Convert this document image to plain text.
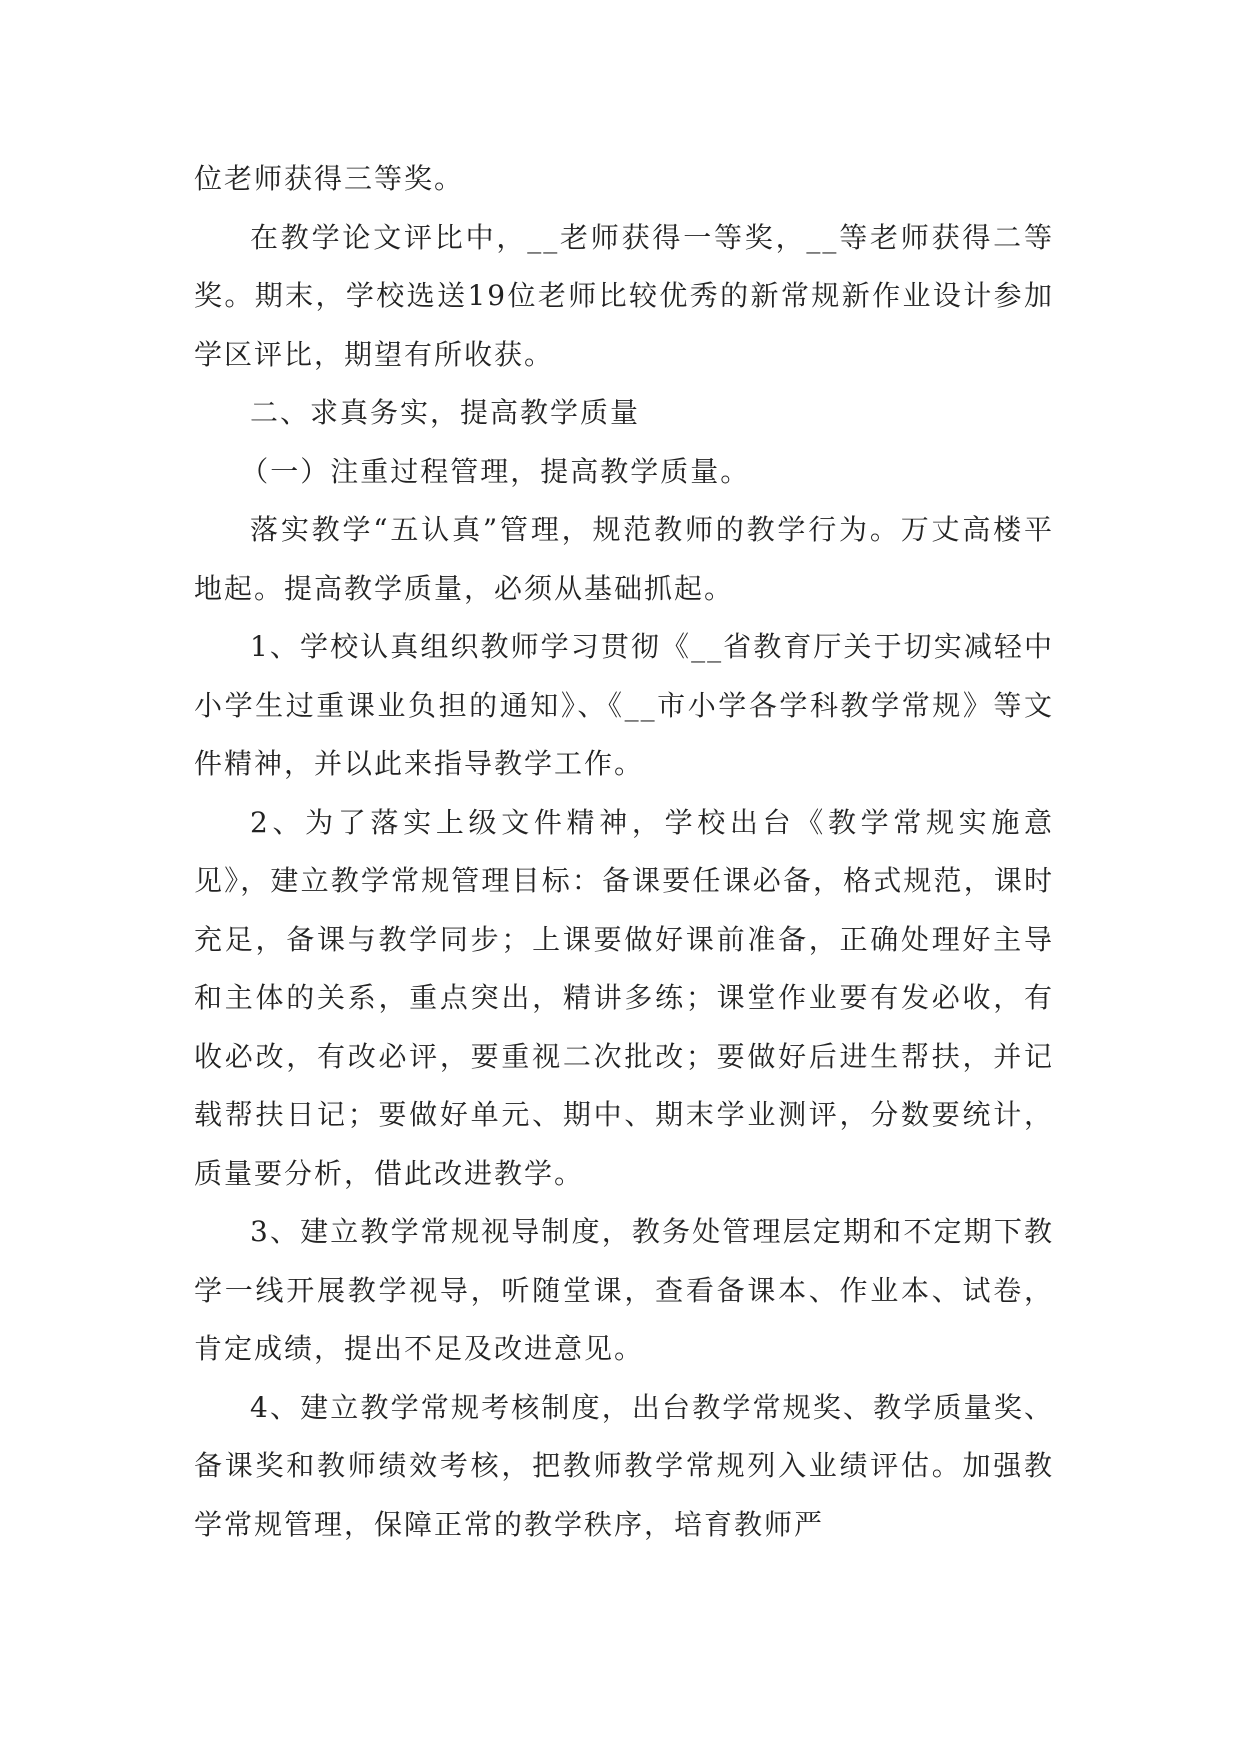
位老师获得三等奖。

在教学论文评比中，__老师获得一等奖，__等老师获得二等奖。期末，学校选送19位老师比较优秀的新常规新作业设计参加学区评比，期望有所收获。

二、求真务实，提高教学质量

（一）注重过程管理，提高教学质量。

落实教学“五认真”管理，规范教师的教学行为。万丈高楼平地起。提高教学质量，必须从基础抓起。

1、学校认真组织教师学习贯彻《__省教育厅关于切实减轻中小学生过重课业负担的通知》、《__市小学各学科教学常规》等文件精神，并以此来指导教学工作。

2、为了落实上级文件精神，学校出台《教学常规实施意见》，建立教学常规管理目标：备课要任课必备，格式规范，课时充足，备课与教学同步；上课要做好课前准备，正确处理好主导和主体的关系，重点突出，精讲多练；课堂作业要有发必收，有收必改，有改必评，要重视二次批改；要做好后进生帮扶，并记载帮扶日记；要做好单元、期中、期末学业测评，分数要统计，质量要分析，借此改进教学。

3、建立教学常规视导制度，教务处管理层定期和不定期下教学一线开展教学视导，听随堂课，查看备课本、作业本、试卷，肯定成绩，提出不足及改进意见。

4、建立教学常规考核制度，出台教学常规奖、教学质量奖、备课奖和教师绩效考核，把教师教学常规列入业绩评估。加强教学常规管理，保障正常的教学秩序，培育教师严
